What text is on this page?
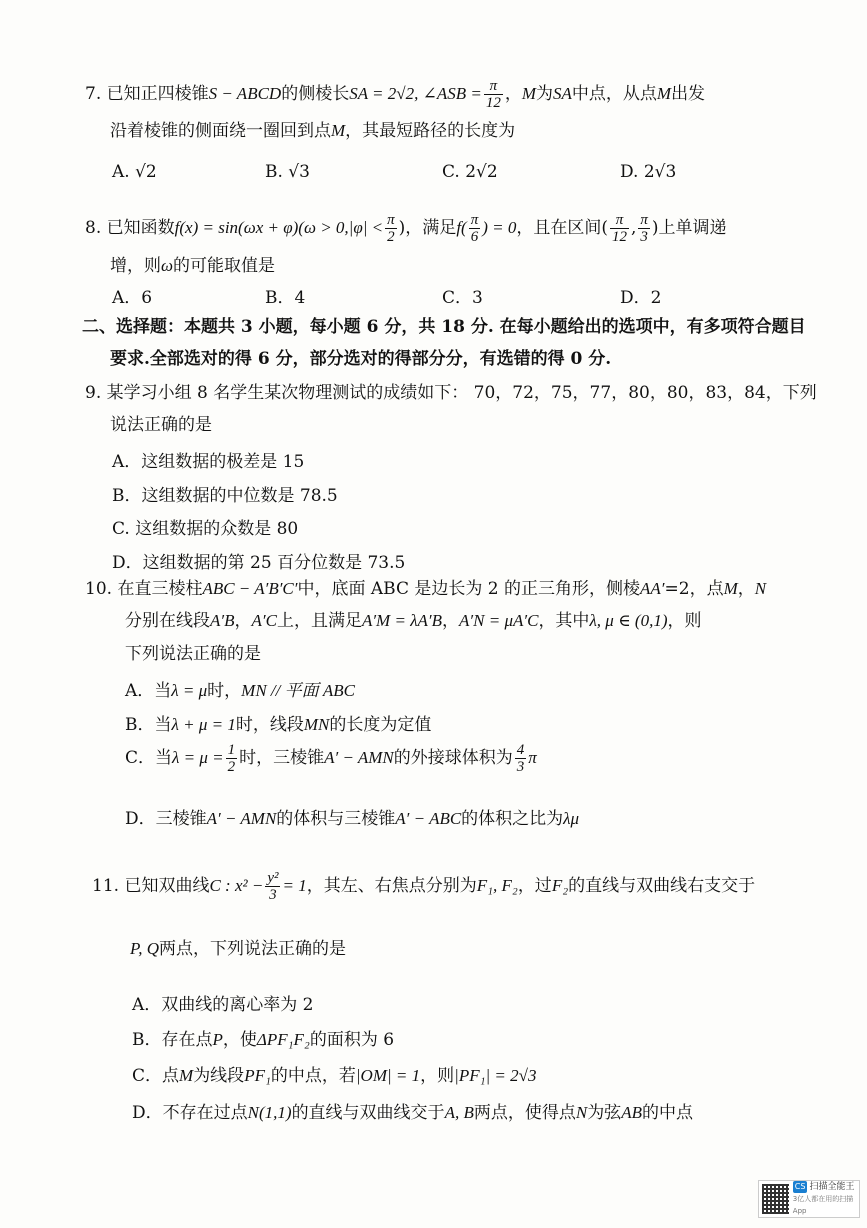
7. 已知正四棱锥S − ABCD的侧棱长SA = 2√2, ∠ASB = $\frac{\pi}{12}$ ，M为SA中点，从点M出发
沿着棱锥的侧面绕一圈回到点M，其最短路径的长度为
A. √2	B. √3	C. 2√2	D. 2√3
8. 已知函数$f(x) = \sin(\omega x + \varphi)(\omega > 0,|\varphi| < \frac{\pi}{2}$ )，满足$f( \frac{\pi}{6}$ ) = 0，且在区间( $\frac{\pi}{12}$ , $\frac{\pi}{3}$ )上单调递
增，则ω的可能取值是
A．6	B．4	C．3	D．2
二、选择题：本题共 3 小题，每小题 6 分，共 18 分. 在每小题给出的选项中，有多项符合题目
要求.全部选对的得 6 分，部分选对的得部分分，有选错的得 0 分.
9. 某学习小组 8 名学生某次物理测试的成绩如下： 70，72，75，77，80，80，83，84，下列
说法正确的是
A．这组数据的极差是 15
B．这组数据的中位数是 78.5
C. 这组数据的众数是 80
D．这组数据的第 25 百分位数是 73.5
10. 在直三棱柱ABC − A′B′C′中，底面 ABC 是边长为 2 的正三角形，侧棱AA′=2，点M，N
分别在线段A′B，A′C上，且满足A′M = λA′B，A′N = μA′C，其中λ, μ ∈ (0,1)，则
下列说法正确的是
A．当λ = μ时，MN // 平面 ABC
B．当λ + μ = 1时，线段MN的长度为定值
C．当$\lambda = \mu = \frac{1}{2}$ 时，三棱锥A′ − AMN的外接球体积为 $\frac{4}{3}$ π
D．三棱锥A′ − AMN的体积与三棱锥A′ − ABC的体积之比为λμ
11. 已知双曲线C : $x^2 - \frac{\text{y²}}{3} = 1$，其左、右焦点分别为F₁, F₂，过F₂的直线与双曲线右支交于
P, Q两点，下列说法正确的是
A．双曲线的离心率为 2
B．存在点P，使ΔPF₁F₂的面积为 6
C．点M为线段PF₁的中点，若|OM| = 1，则|PF₁| = 2√3
D．不存在过点N(1,1)的直线与双曲线交于A, B两点，使得点N为弦AB的中点
CS 扫描全能王
3亿人都在用的扫描App
